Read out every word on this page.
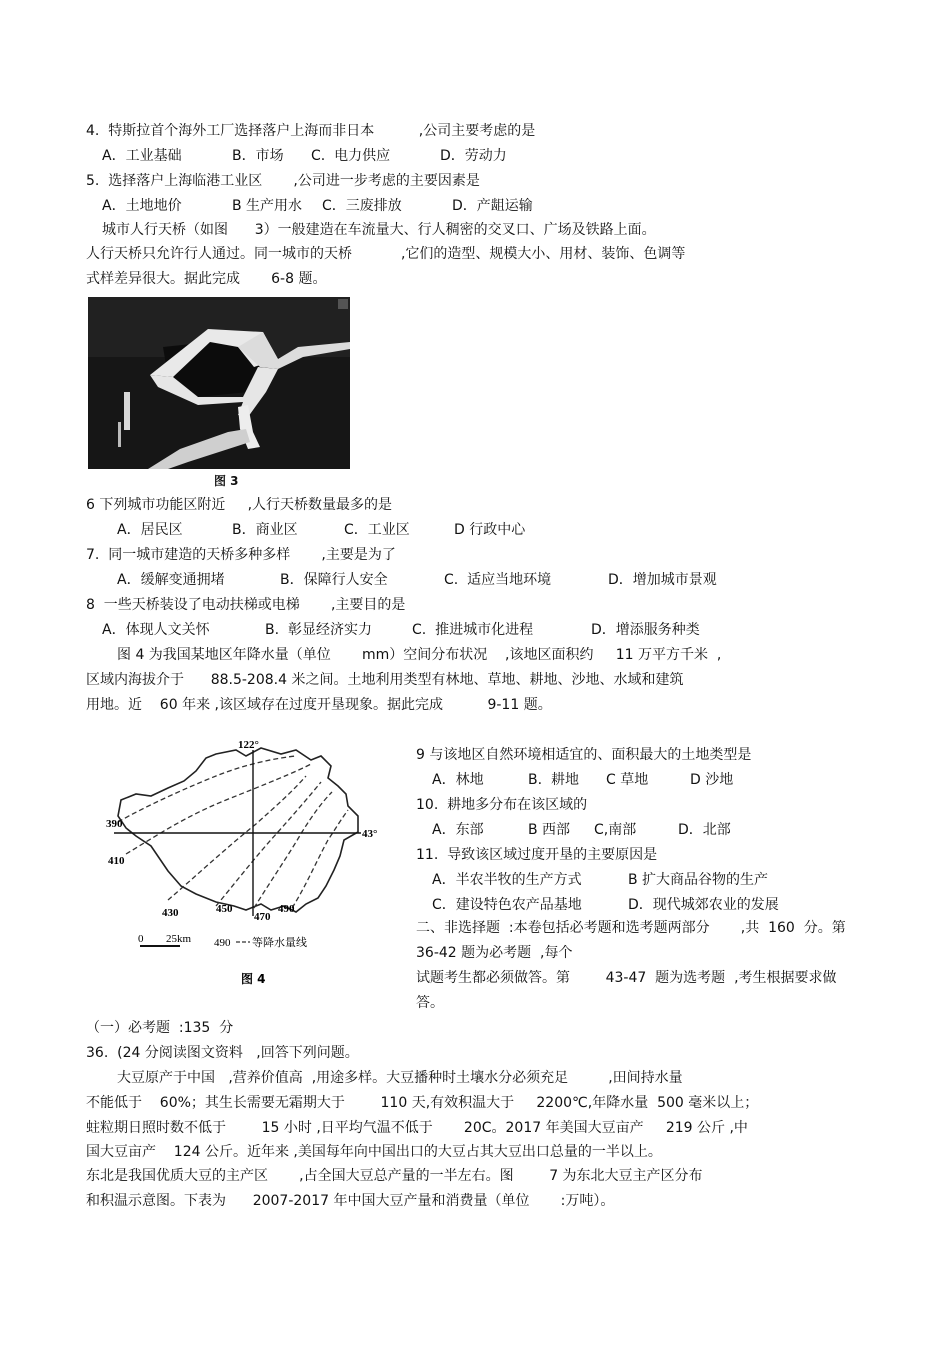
4.  特斯拉首个海外工厂选择落户上海而非日本          ,公司主要考虑的是
A．工业基础	B．市场 C.  电力供应	D．劳动力
5.  选择落户上海临港工业区       ,公司进一步考虑的主要因素是
A．土地地价	B 生产用水 C．三废排放	D．产龃运输
城市人行天桥（如图      3）一般建造在车流量大、行人稠密的交叉口、广场及铁路上面。
人行天桥只允许行人通过。同一城市的天桥           ,它们的造型、规模大小、用材、装饰、色调等
式样差异很大。据此完成       6-8 题。
图 3
6 下列城市功能区附近     ,人行天桥数量最多的是
A．居民区	B．商业区	C．工业区	D 行政中心
7.  同一城市建造的天桥多种多样       ,主要是为了
A．缓解变通拥堵	B．保障行人安全	C.  适应当地环境	D．增加城市景观
8  一些天桥装设了电动扶梯或电梯       ,主要目的是
A．体现人文关怀	B.  彰显经济实力	C.  推进城市化进程	D．增添服务种类
图 4 为我国某地区年降水量（单位       mm）空间分布状况    ,该地区面积约     11 万平方千米  ,
区域内海拔介于      88.5-208.4 米之间。土地利用类型有林地、草地、耕地、沙地、水域和建筑
用地。近    60 年来 ,该区域存在过度开垦现象。据此完成          9-11 题。
122°
43°
390
410
430	450
470
490
0 25km 490 等降水量线
图 4
9 与该地区自然环境相适宜的、面积最大的土地类型是
A．林地	B.  耕地 C 草地	D 沙地
10.  耕地多分布在该区域的
A．东部	B 西部 C,南部	D．北部
11.  导致该区域过度开垦的主要原因是
A．半农半牧的生产方式	B 扩大商品谷物的生产
C．建设特色农产品基地	D．现代城郊农业的发展
二、非选择题  :本卷包括必考题和选考题两部分       ,共  160  分。第
36-42 题为必考题  ,每个
试题考生都必须做答。第        43-47  题为选考题  ,考生根据要求做
答。
（一）必考题  :135  分
36.  (24 分阅读图文资料   ,回答下列问题。
大豆原产于中国   ,营养价值高  ,用途多样。大豆播种时土壤水分必须充足         ,田间持水量
不能低于    60%；其生长需要无霜期大于        110 天,有效积温大于     2200℃,年降水量  500 毫米以上；
蛀粒期日照时数不低于        15 小时 ,日平均气温不低于       20C。2017 年美国大豆亩产     219 公斤 ,中
国大豆亩产    124 公斤。近年来 ,美国每年向中国出口的大豆占其大豆出口总量的一半以上。
东北是我国优质大豆的主产区       ,占全国大豆总产量的一半左右。图        7 为东北大豆主产区分布
和积温示意图。下表为      2007-2017 年中国大豆产量和消费量（单位       :万吨）。
